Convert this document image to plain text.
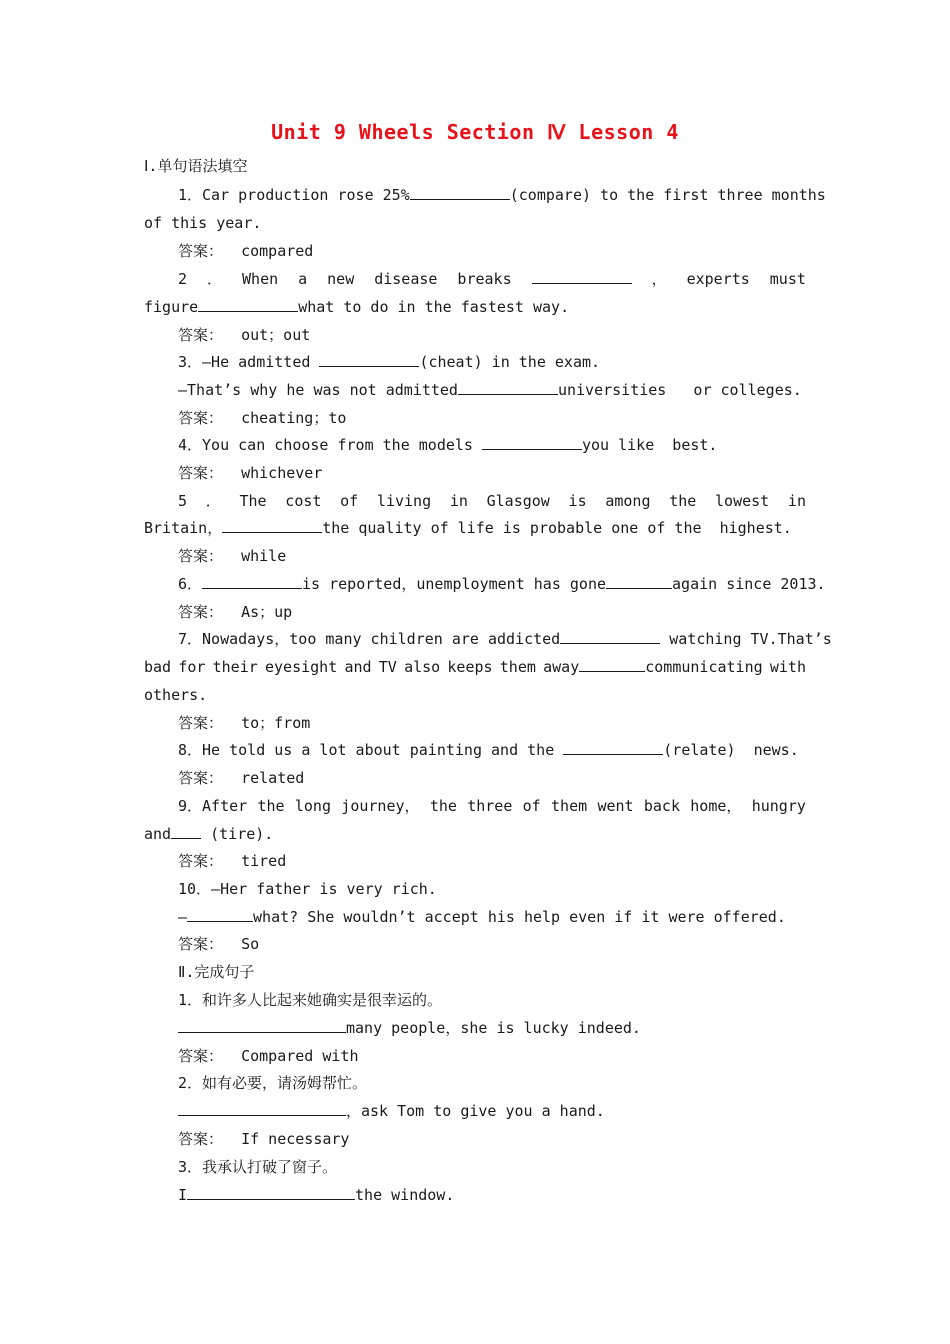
Unit 9 Wheels Section Ⅳ Lesson 4
Ⅰ.单句语法填空
1．Car production rose 25%	(compare) to the first three months
of this year.
答案： compared
2 ． When a new disease breaks	， experts must
figure	what to do in the fastest way.
答案： out；out
3．—He admitted	(cheat) in the exam.
—That’s why he was not admitted	universities   or colleges.
答案： cheating；to
4．You can choose from the models	you like  best.
答案： whichever
5 ． The cost of living in Glasgow is among the lowest in
Britain，	the quality of life is probable one of the  highest.
答案： while
6．	is reported，unemployment has gone	again since 2013.
答案： As；up
7．Nowadays，too many children are addicted	watching TV.That’s
bad for their eyesight and TV also keeps them away	communicating with
others.
答案： to；from
8．He told us a lot about painting and the	(relate)  news.
答案： related
9．After the long journey， the three of them went back home， hungry
and (tire).
答案： tired
10．—Her father is very rich.
—	what? She wouldn’t accept his help even if it were offered.
答案： So
Ⅱ.完成句子
1．和许多人比起来她确实是很幸运的。
many people，she is lucky indeed.
答案： Compared with
2．如有必要，请汤姆帮忙。
，ask Tom to give you a hand.
答案： If necessary
3．我承认打破了窗子。
I	the window.
